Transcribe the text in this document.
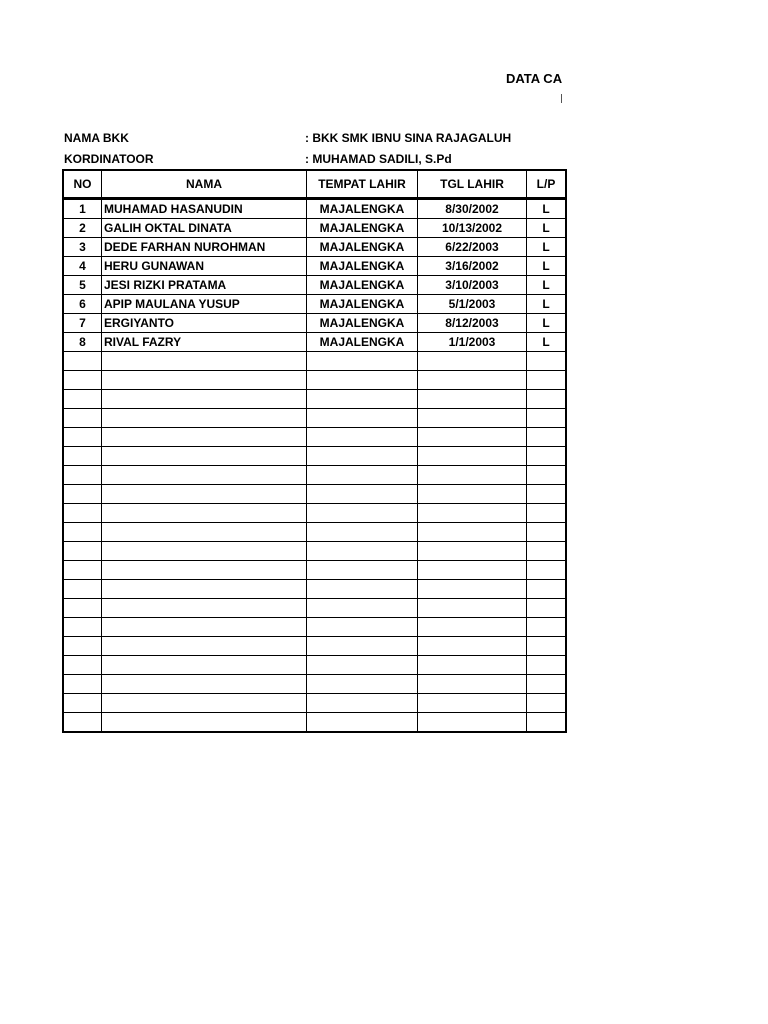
DATA CA
NAMA BKK	: BKK SMK IBNU SINA RAJAGALUH
KORDINATOOR	: MUHAMAD SADILI, S.Pd
NO	NAMA	TEMPAT LAHIR	TGL LAHIR	L/P
1	MUHAMAD HASANUDIN	MAJALENGKA	8/30/2002	L
2	GALIH OKTAL DINATA	MAJALENGKA	10/13/2002	L
3	DEDE FARHAN NUROHMAN	MAJALENGKA	6/22/2003	L
4	HERU GUNAWAN	MAJALENGKA	3/16/2002	L
5	JESI RIZKI PRATAMA	MAJALENGKA	3/10/2003	L
6	APIP MAULANA YUSUP	MAJALENGKA	5/1/2003	L
7	ERGIYANTO	MAJALENGKA	8/12/2003	L
8	RIVAL FAZRY	MAJALENGKA	1/1/2003	L
